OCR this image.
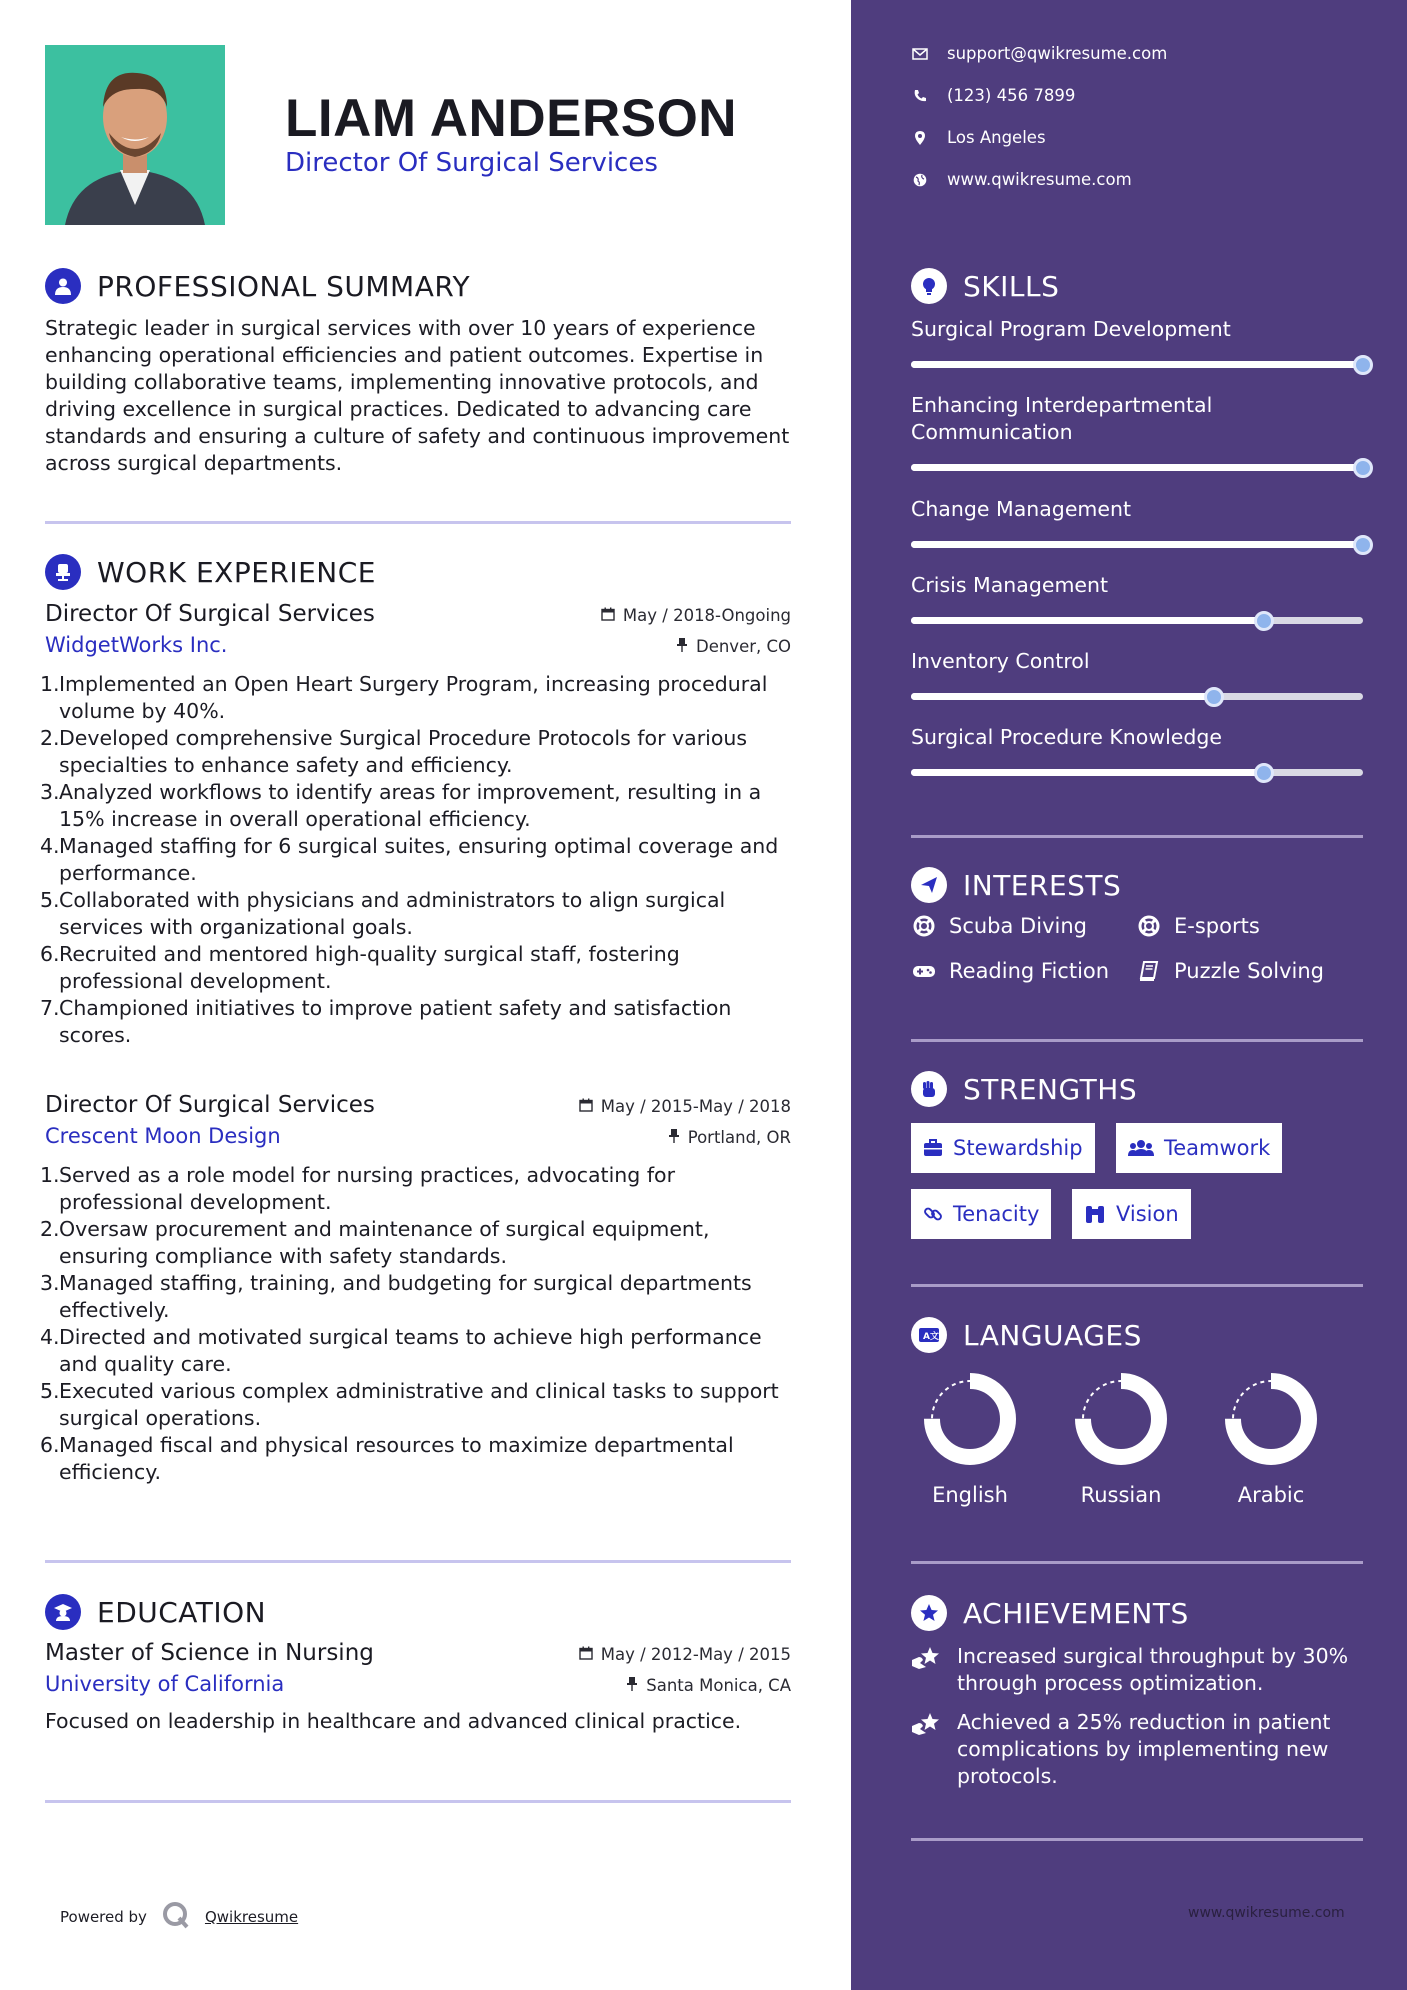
LIAM ANDERSON
Director Of Surgical Services
PROFESSIONAL SUMMARY
Strategic leader in surgical services with over 10 years of experience enhancing operational efficiencies and patient outcomes. Expertise in building collaborative teams, implementing innovative protocols, and driving excellence in surgical practices. Dedicated to advancing care standards and ensuring a culture of safety and continuous improvement across surgical departments.
WORK EXPERIENCE
Director Of Surgical Services	May / 2018-Ongoing
WidgetWorks Inc.	Denver, CO
1. Implemented an Open Heart Surgery Program, increasing procedural volume by 40%.
2. Developed comprehensive Surgical Procedure Protocols for various specialties to enhance safety and efficiency.
3. Analyzed workflows to identify areas for improvement, resulting in a 15% increase in overall operational efficiency.
4. Managed staffing for 6 surgical suites, ensuring optimal coverage and performance.
5. Collaborated with physicians and administrators to align surgical services with organizational goals.
6. Recruited and mentored high-quality surgical staff, fostering professional development.
7. Championed initiatives to improve patient safety and satisfaction scores.
Director Of Surgical Services	May / 2015-May / 2018
Crescent Moon Design	Portland, OR
1. Served as a role model for nursing practices, advocating for professional development.
2. Oversaw procurement and maintenance of surgical equipment, ensuring compliance with safety standards.
3. Managed staffing, training, and budgeting for surgical departments effectively.
4. Directed and motivated surgical teams to achieve high performance and quality care.
5. Executed various complex administrative and clinical tasks to support surgical operations.
6. Managed fiscal and physical resources to maximize departmental efficiency.
EDUCATION
Master of Science in Nursing	May / 2012-May / 2015
University of California	Santa Monica, CA
Focused on leadership in healthcare and advanced clinical practice.
Powered by	Qwikresume
support@qwikresume.com
(123) 456 7899
Los Angeles
www.qwikresume.com
SKILLS
Surgical Program Development
Enhancing Interdepartmental Communication
Change Management
Crisis Management
Inventory Control
Surgical Procedure Knowledge
INTERESTS
Scuba Diving	E-sports
Reading Fiction	Puzzle Solving
STRENGTHS
Stewardship	Teamwork
Tenacity	Vision
A 文 LANGUAGES
English	Russian	Arabic
ACHIEVEMENTS
Increased surgical throughput by 30% through process optimization.
Achieved a 25% reduction in patient complications by implementing new protocols.
www.qwikresume.com
